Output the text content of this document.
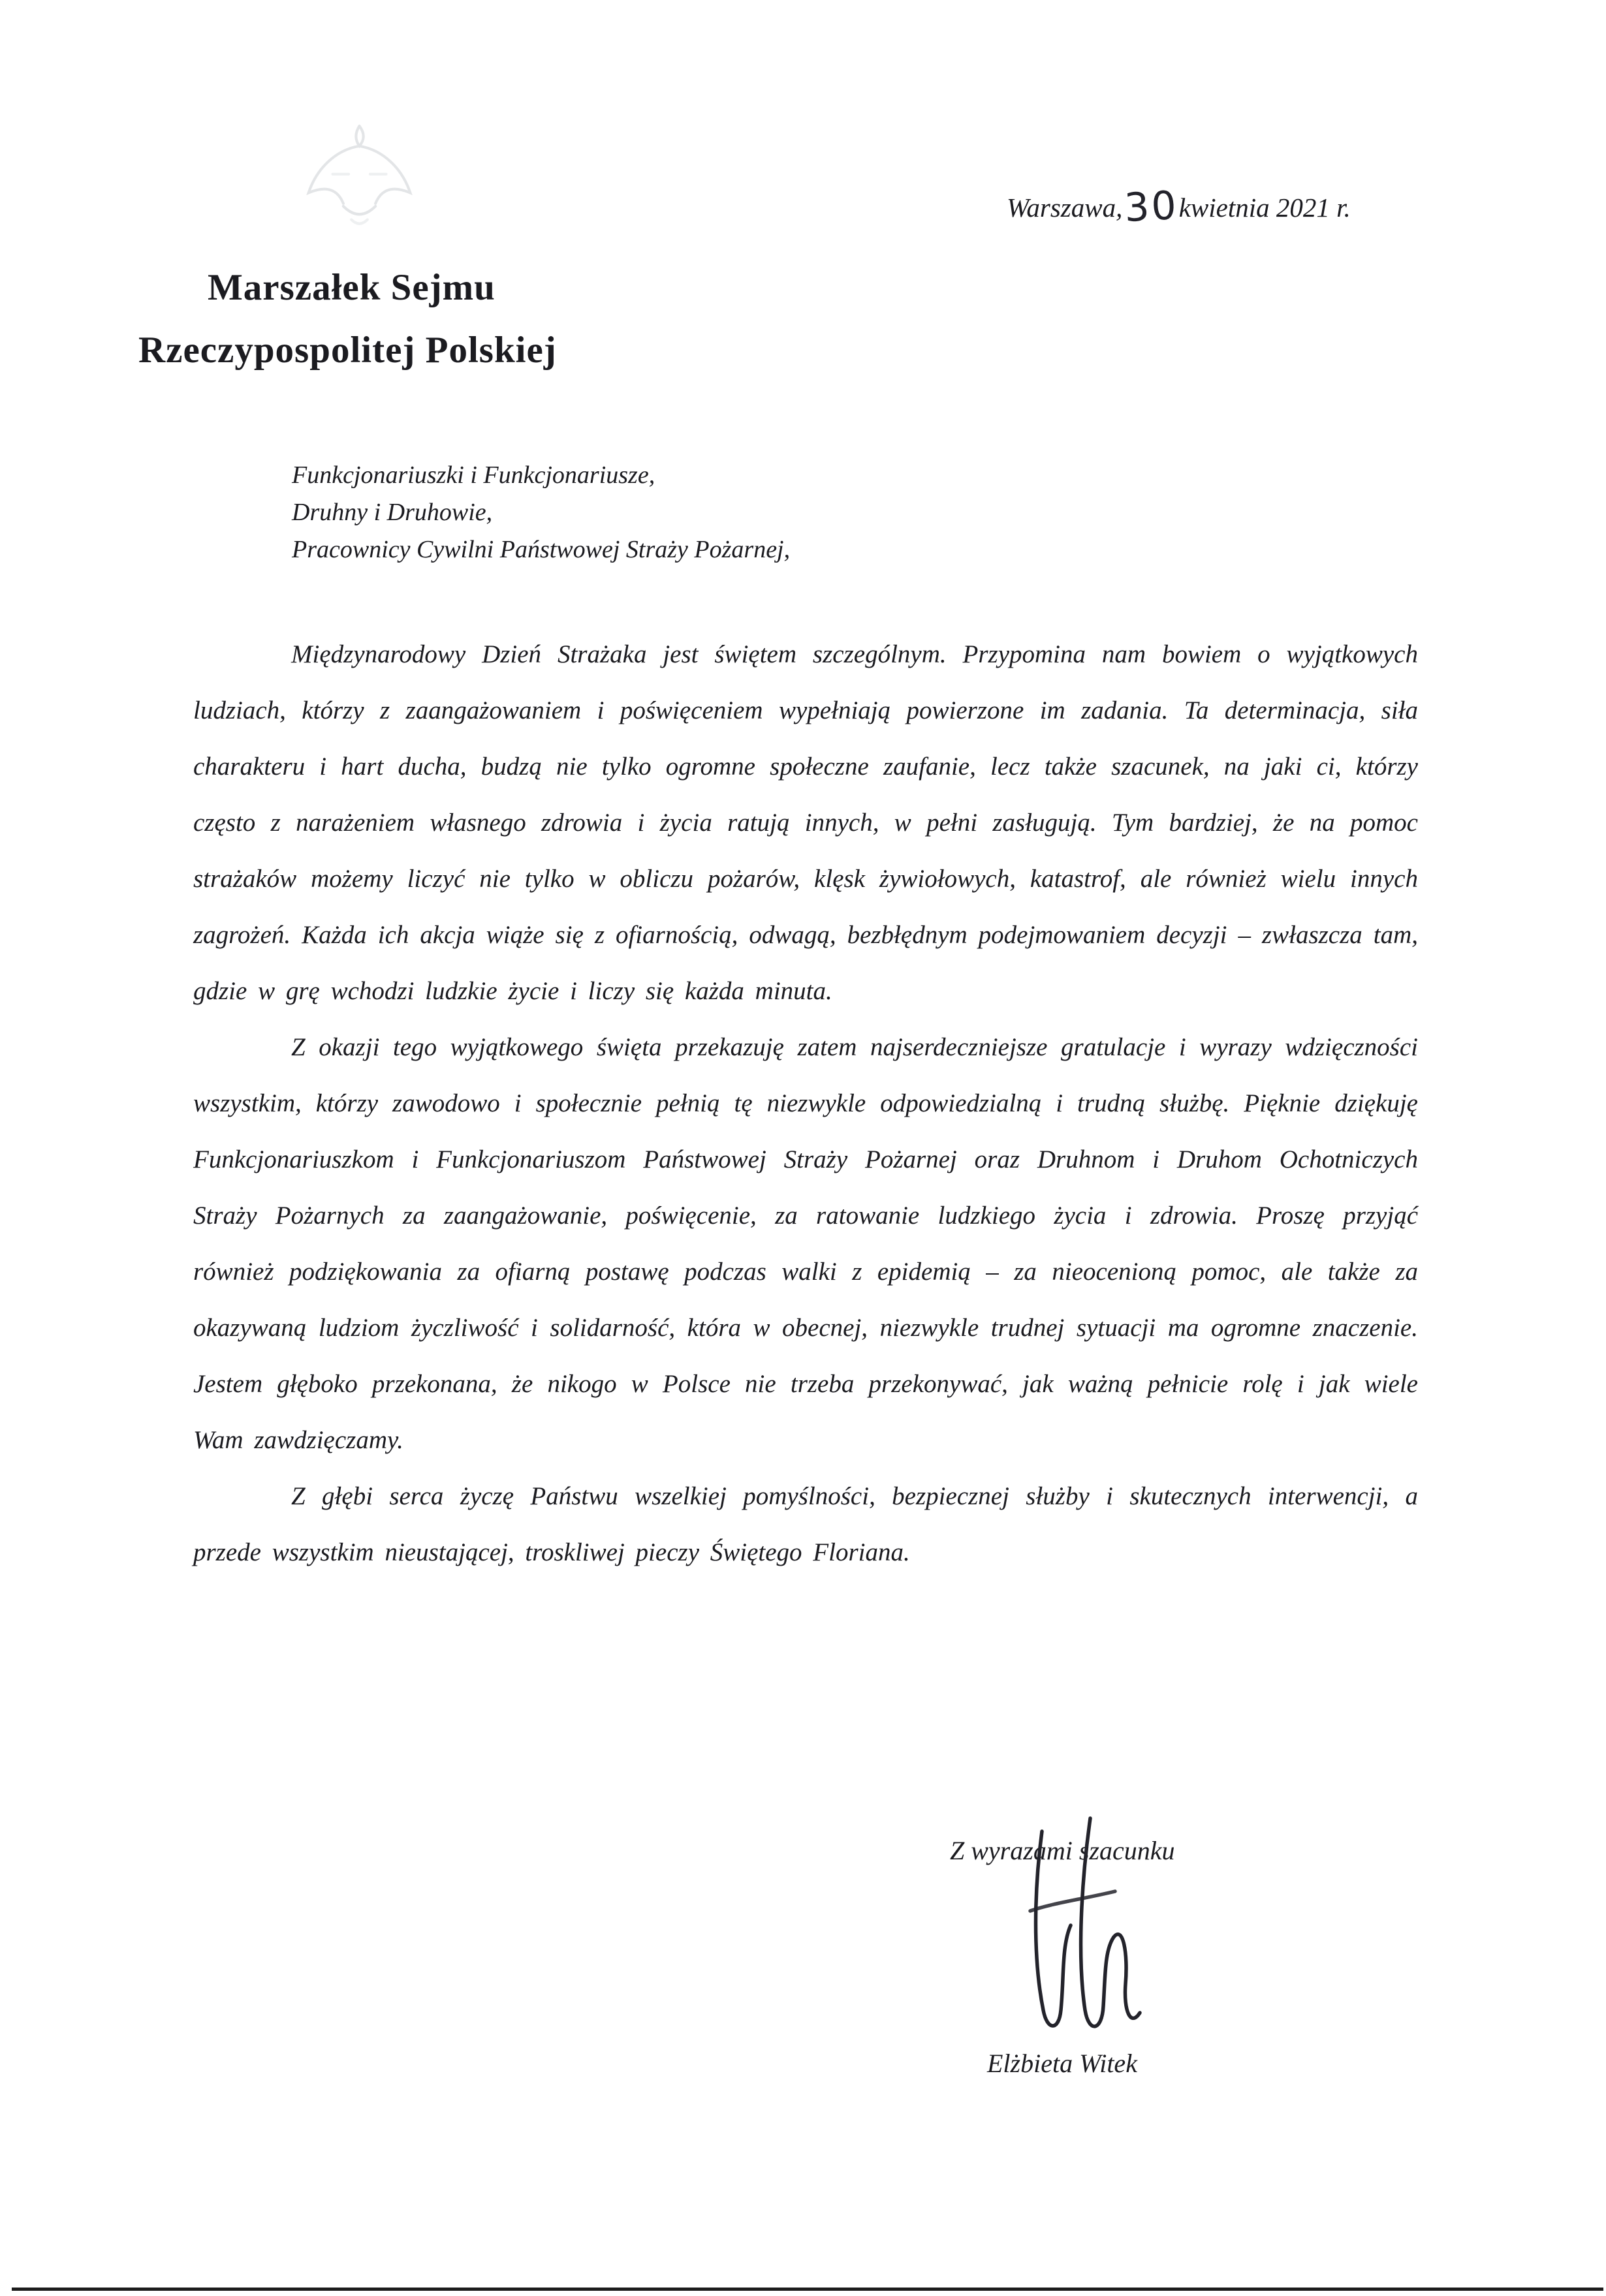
Warszawa, 30
kwietnia 2021 r.
Marszałek Sejmu
Rzeczypospolitej Polskiej
Funkcjonariuszki i Funkcjonariusze,
Druhny i Druhowie,
Pracownicy Cywilni Państwowej Straży Pożarnej,

Międzynarodowy Dzień Strażaka jest świętem szczególnym. Przypomina nam bowiem o wyjątkowych ludziach, którzy z zaangażowaniem i poświęceniem wypełniają powierzone im zadania. Ta determinacja, siła charakteru i hart ducha, budzą nie tylko ogromne społeczne zaufanie, lecz także szacunek, na jaki ci, którzy często z narażeniem własnego zdrowia i życia ratują innych, w pełni zasługują. Tym bardziej, że na pomoc strażaków możemy liczyć nie tylko w obliczu pożarów, klęsk żywiołowych, katastrof, ale również wielu innych zagrożeń. Każda ich akcja wiąże się z ofiarnością, odwagą, bezbłędnym podejmowaniem decyzji – zwłaszcza tam, gdzie w grę wchodzi ludzkie życie i liczy się każda minuta.

Z okazji tego wyjątkowego święta przekazuję zatem najserdeczniejsze gratulacje i wyrazy wdzięczności wszystkim, którzy zawodowo i społecznie pełnią tę niezwykle odpowiedzialną i trudną służbę. Pięknie dziękuję Funkcjonariuszkom i Funkcjonariuszom Państwowej Straży Pożarnej oraz Druhnom i Druhom Ochotniczych Straży Pożarnych za zaangażowanie, poświęcenie, za ratowanie ludzkiego życia i zdrowia. Proszę przyjąć również podziękowania za ofiarną postawę podczas walki z epidemią – za nieocenioną pomoc, ale także za okazywaną ludziom życzliwość i solidarność, która w obecnej, niezwykle trudnej sytuacji ma ogromne znaczenie. Jestem głęboko przekonana, że nikogo w Polsce nie trzeba przekonywać, jak ważną pełnicie rolę i jak wiele Wam zawdzięczamy.

Z głębi serca życzę Państwu wszelkiej pomyślności, bezpiecznej służby i skutecznych interwencji, a przede wszystkim nieustającej, troskliwej pieczy Świętego Floriana.

Z wyrazami szacunku
Elżbieta Witek
